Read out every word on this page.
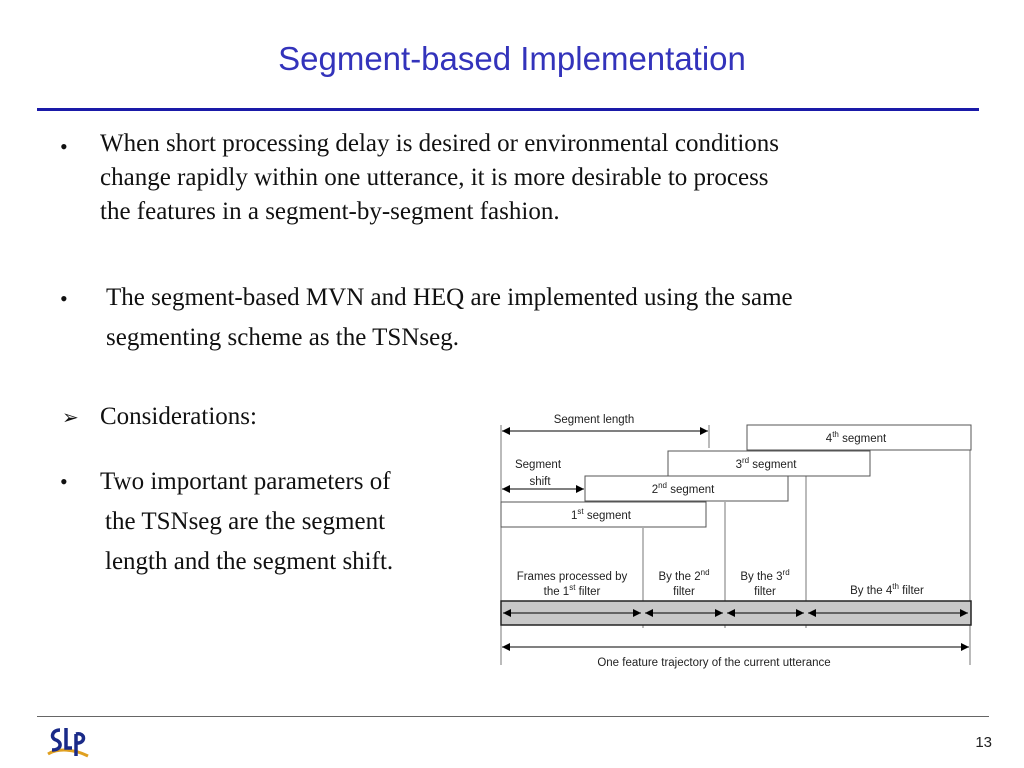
Segment-based Implementation
• When short processing delay is desired or environmental conditions
change rapidly within one utterance, it is more desirable to process
the features in a segment-by-segment fashion.
• The segment-based MVN and HEQ are implemented using the same
segmenting scheme as the TSNseg.
➢ Considerations:
• Two important parameters of
the TSNseg are the segment
length and the segment shift.
Segment length
Segment
shift
4th segment
3rd segment
2nd segment
1st segment
Frames processed by
the 1st filter
By the 2nd
filter
By the 3rd
filter	By the 4th filter
One feature trajectory of the current utterance
13
